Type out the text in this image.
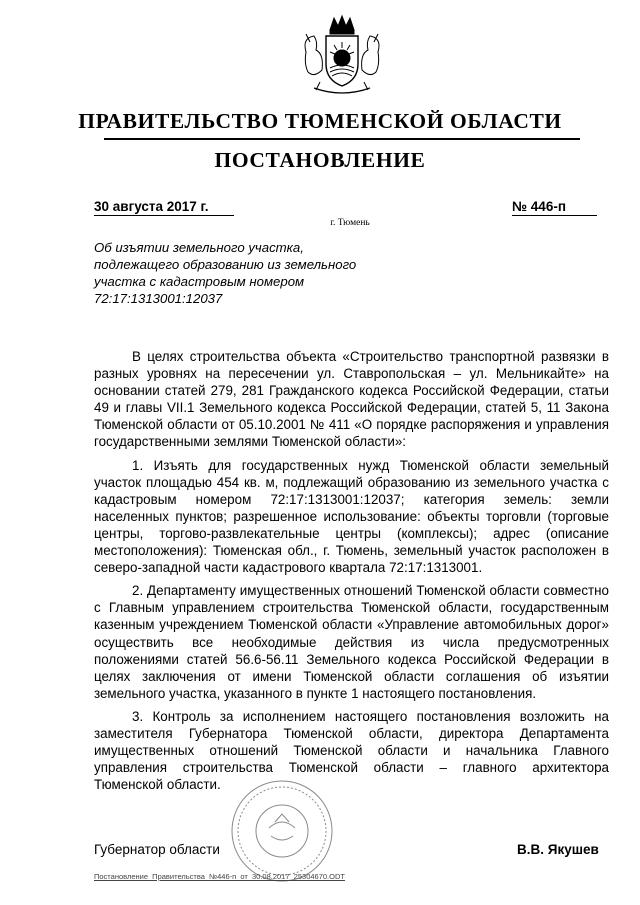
ПРАВИТЕЛЬСТВО ТЮМЕНСКОЙ ОБЛАСТИ
ПОСТАНОВЛЕНИЕ
30 августа 2017 г.	№ 446-п
г. Тюмень
Об изъятии земельного участка, подлежащего образованию из земельного участка с кадастровым номером 72:17:1313001:12037

В целях строительства объекта «Строительство транспортной развязки в разных уровнях на пересечении ул. Ставропольская – ул. Мельникайте» на основании статей 279, 281 Гражданского кодекса Российской Федерации, статьи 49 и главы VII.1 Земельного кодекса Российской Федерации, статей 5, 11 Закона Тюменской области от 05.10.2001 № 411 «О порядке распоряжения и управления государственными землями Тюменской области»:

1. Изъять для государственных нужд Тюменской области земельный участок площадью 454 кв. м, подлежащий образованию из земельного участка с кадастровым номером 72:17:1313001:12037; категория земель: земли населенных пунктов; разрешенное использование: объекты торговли (торговые центры, торгово-развлекательные центры (комплексы); адрес (описание местоположения): Тюменская обл., г. Тюмень, земельный участок расположен в северо-западной части кадастрового квартала 72:17:1313001.

2. Департаменту имущественных отношений Тюменской области совместно с Главным управлением строительства Тюменской области, государственным казенным учреждением Тюменской области «Управление автомобильных дорог» осуществить все необходимые действия из числа предусмотренных положениями статей 56.6-56.11 Земельного кодекса Российской Федерации в целях заключения от имени Тюменской области соглашения об изъятии земельного участка, указанного в пункте 1 настоящего постановления.

3. Контроль за исполнением настоящего постановления возложить на заместителя Губернатора Тюменской области, директора Департамента имущественных отношений Тюменской области и начальника Главного управления строительства Тюменской области – главного архитектора Тюменской области.

Губернатор области	В.В. Якушев
Постановление_Правительства_№446-п_от_30.08.2017_25304670.ODT
